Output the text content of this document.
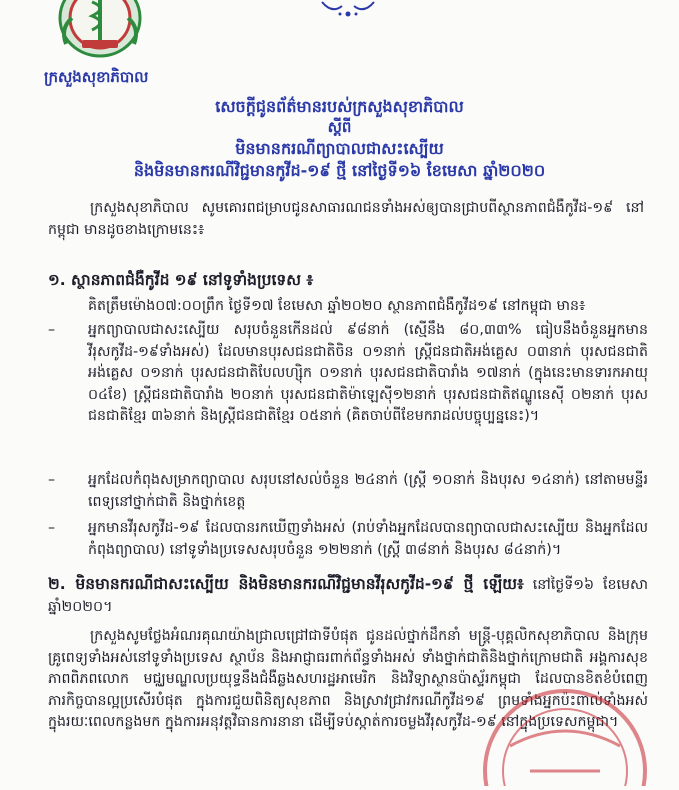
ក្រសួងសុខាភិបាល
សេចក្ដីជូនព័ត៌មានរបស់ក្រសួងសុខាភិបាល
ស្ដីពី
មិនមានករណីព្យាបាលជាសះស្បើយ
និងមិនមានករណីវិជ្ជមានកូវីដ-១៩ ថ្មី នៅថ្ងៃទី១៦ ខែមេសា ឆ្នាំ២០២០
ក្រសួងសុខាភិបាល សូមគោរពជម្រាបជូនសាធារណជនទាំងអស់ឲ្យបានជ្រាបពីស្ថានភាពជំងឺកូវីដ-១៩ នៅកម្ពុជា មានដូចខាងក្រោមនេះ៖
១. ស្ថានភាពជំងឺកូវីដ ១៩ នៅទូទាំងប្រទេស ៖
គិតត្រឹមម៉ោង០៧:០០ព្រឹក ថ្ងៃទី១៧ ខែមេសា ឆ្នាំ២០២០ ស្ថានភាពជំងឺកូវីដ១៩ នៅកម្ពុជា មាន៖
– អ្នកព្យាបាលជាសះស្បើយ សរុបចំនួនកើនដល់ ៩៨នាក់ (ស្មើនឹង ៨០,៣៣% ធៀបនឹងចំនួនអ្នកមានវីរុសកូវីដ-១៩ទាំងអស់) ដែលមានបុរសជនជាតិចិន ០១នាក់ ស្ត្រីជនជាតិអង់គ្លេស ០៣នាក់ បុរសជនជាតិអង់គ្លេស ០១នាក់ បុរសជនជាតិបែលហ្ស៊ិក ០១នាក់ បុរសជនជាតិបារាំង ១៧នាក់ (ក្នុងនេះមានទារកអាយុ ០៤ខែ) ស្ត្រីជនជាតិបារាំង ២០នាក់ បុរសជនជាតិម៉ាឡេស៊ី១២នាក់ បុរសជនជាតិឥណ្ឌូនេស៊ី ០២នាក់ បុរសជនជាតិខ្មែរ ៣៦នាក់ និងស្ត្រីជនជាតិខ្មែរ ០៥នាក់ (គិតចាប់ពីខែមករាដល់បច្ចុប្បន្ននេះ)។
– អ្នកដែលកំពុងសម្រាកព្យាបាល សរុបនៅសល់ចំនួន ២៤នាក់ (ស្ត្រី ១០នាក់ និងបុរស ១៤នាក់) នៅតាមមន្ទីរពេទ្យនៅថ្នាក់ជាតិ និងថ្នាក់ខេត្ត
– អ្នកមានវីរុសកូវីដ-១៩ ដែលបានរកឃើញទាំងអស់ (រាប់ទាំងអ្នកដែលបានព្យាបាលជាសះស្បើយ និងអ្នកដែលកំពុងព្យាបាល) នៅទូទាំងប្រទេសសរុបចំនួន ១២២នាក់ (ស្ត្រី ៣៨នាក់ និងបុរស ៨៤នាក់)។
២. មិនមានករណីជាសះស្បើយ និងមិនមានករណីវិជ្ជមានវីរុសកូវីដ-១៩ ថ្មី ឡើយ៖ នៅថ្ងៃទី១៦ ខែមេសា ឆ្នាំ២០២០។
ក្រសួងសូមថ្លែងអំណរគុណយ៉ាងជ្រាលជ្រៅជាទីបំផុត ជូនដល់ថ្នាក់ដឹកនាំ មន្ត្រី-បុគ្គលិកសុខាភិបាល និងក្រុមគ្រូពេទ្យទាំងអស់នៅទូទាំងប្រទេស ស្ថាប័ន និងអាជ្ញាធរពាក់ព័ន្ធទាំងអស់ ទាំងថ្នាក់ជាតិនិងថ្នាក់ក្រោមជាតិ អង្គការសុខភាពពិភពលោក មជ្ឈមណ្ឌលប្រយុទ្ធនឹងជំងឺឆ្លងសហរដ្ឋអាមេរិក និងវិទ្យាស្ថានប៉ាស្ទ័រកម្ពុជា ដែលបានខិតខំបំពេញភារកិច្ចបានល្អប្រសើរបំផុត ក្នុងការជួយពិនិត្យសុខភាព និងស្រាវជ្រាវករណីកូវីដ១៩ ព្រមទាំងអ្នកប៉ះពាល់ទាំងអស់ក្នុងរយៈពេលកន្លងមក ក្នុងការអនុវត្តវិធានការនានា ដើម្បីទប់ស្កាត់ការចម្លងវីរុសកូវីដ-១៩ នៅក្នុងប្រទេសកម្ពុជា។
